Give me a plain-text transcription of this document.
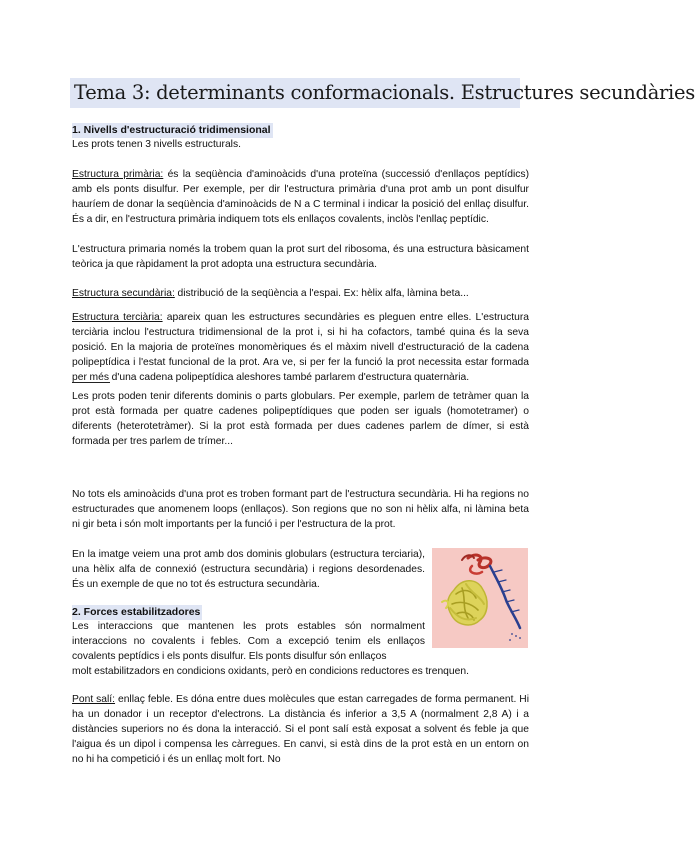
Tema 3: determinants conformacionals. Estructures secundàries
1. Nivells d'estructuració tridimensional
Les prots tenen 3 nivells estructurals.
Estructura primària: és la seqüència d'aminoàcids d'una proteïna (successió d'enllaços peptídics) amb els ponts disulfur. Per exemple, per dir l'estructura primària d'una prot amb un pont disulfur hauríem de donar la seqüència d'aminoàcids de N a C terminal i indicar la posició del enllaç disulfur. És a dir, en l'estructura primària indiquem tots els enllaços covalents, inclòs l'enllaç peptídic.
L'estructura primaria només la trobem quan la prot surt del ribosoma, és una estructura bàsicament teòrica ja que ràpidament la prot adopta una estructura secundària.
Estructura secundària: distribució de la seqüència a l'espai. Ex: hèlix alfa, làmina beta...
Estructura terciària: apareix quan les estructures secundàries es pleguen entre elles. L'estructura terciària inclou l'estructura tridimensional de la prot i, si hi ha cofactors, també quina és la seva posició. En la majoria de proteïnes monomèriques és el màxim nivell d'estructuració de la cadena polipeptídica i l'estat funcional de la prot. Ara ve, si per fer la funció la prot necessita estar formada per més d'una cadena polipeptídica aleshores també parlarem d'estructura quaternària.
Les prots poden tenir diferents dominis o parts globulars. Per exemple, parlem de tetràmer quan la prot està formada per quatre cadenes polipeptídiques que poden ser iguals (homotetramer) o diferents (heterotetràmer). Si la prot està formada per dues cadenes parlem de dímer, si està formada per tres parlem de trímer...
No tots els aminoàcids d'una prot es troben formant part de l'estructura secundària. Hi ha regions no estructurades que anomenem loops (enllaços). Son regions que no son ni hèlix alfa, ni làmina beta ni gir beta i són molt importants per la funció i per l'estructura de la prot.
En la imatge veiem una prot amb dos dominis globulars (estructura terciaria), una hèlix alfa de connexió (estructura secundària) i regions desordenades. És un exemple de que no tot és estructura secundària.
2. Forces estabilitzadores
Les interaccions que mantenen les prots estables són normalment interaccions no covalents i febles. Com a excepció tenim els enllaços covalents peptídics i els ponts disulfur. Els ponts disulfur són enllaços
molt estabilitzadors en condicions oxidants, però en condicions reductores es trenquen.
Pont salí: enllaç feble. Es dóna entre dues molècules que estan carregades de forma permanent. Hi ha un donador i un receptor d'electrons. La distància és inferior a 3,5 A (normalment 2,8 A) i a distàncies superiors no és dona la interacció. Si el pont salí està exposat a solvent és feble ja que l'aigua és un dipol i compensa les càrregues. En canvi, si està dins de la prot està en un entorn on no hi ha competició i és un enllaç molt fort. No
